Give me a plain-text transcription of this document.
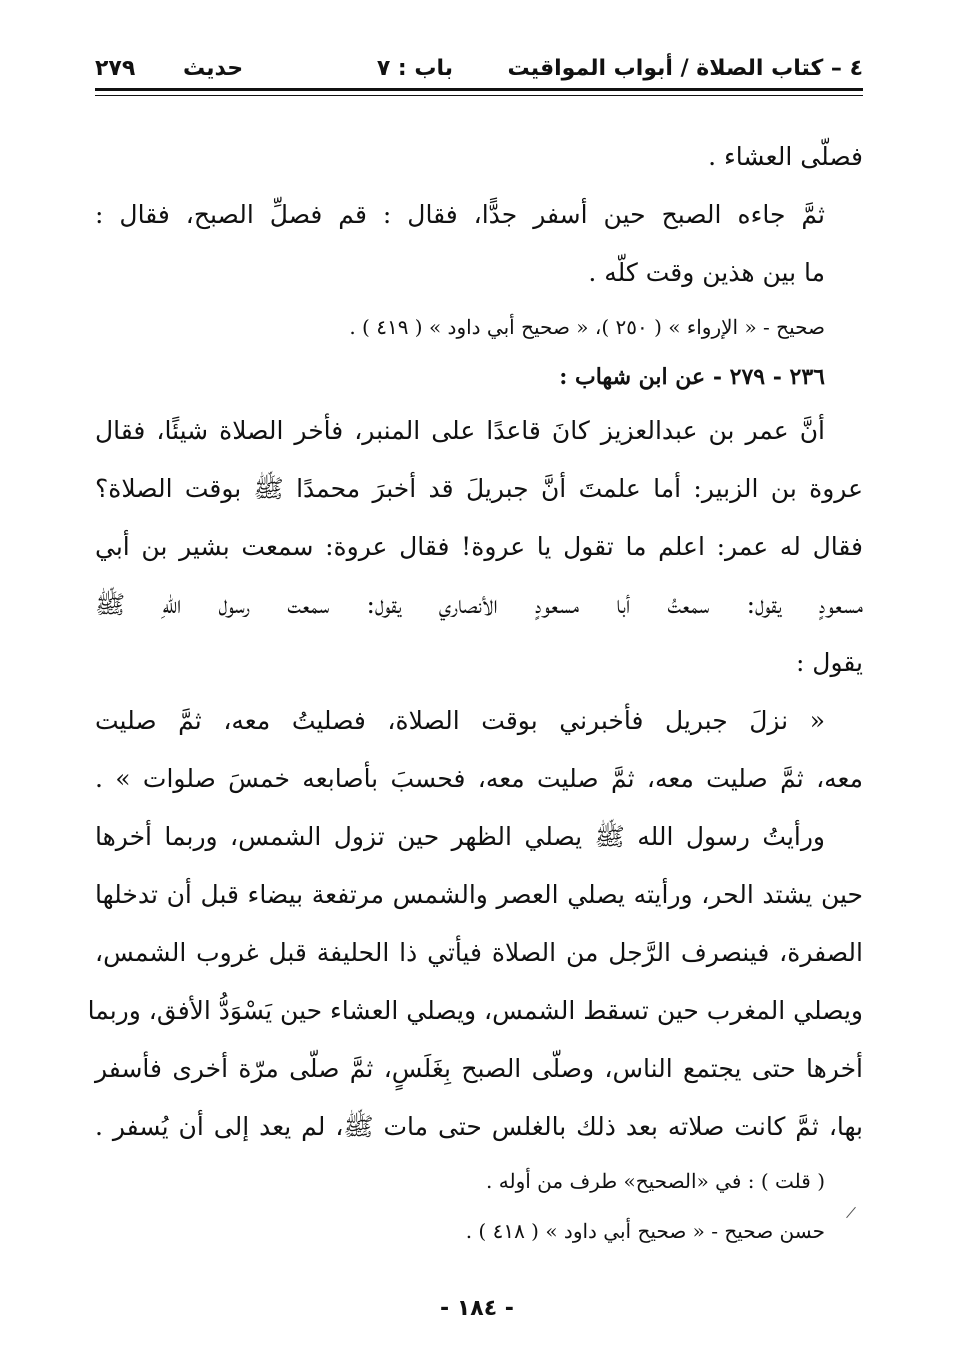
٤ – كتاب الصلاة / أبواب المواقيت
باب : ٧
حديث
٢٧٩
فصلّى العشاء .
ثمَّ جاءه الصبح حين أسفر جدًّا، فقال : قم فصلِّ الصبح، فقال :
ما بين هذين وقت كلّه .
صحيح - « الإرواء » ( ٢٥٠ )، « صحيح أبي داود » ( ٤١٩ ) .
٢٣٦ - ٢٧٩ - عن ابن شهاب :
أنَّ عمر بن عبدالعزيز كانَ قاعدًا على المنبر، فأخر الصلاة شيئًا، فقال
عروة بن الزبير: أما علمتَ أنَّ جبريلَ قد أخبرَ محمدًا ﷺ بوقت الصلاة؟
فقال له عمر: اعلم ما تقول يا عروة! فقال عروة: سمعت بشير بن أبي
مسعودٍ يقول: سمعتُ أبا مسعودٍ الأنصاري يقول: سمعت رسول اللهِ ﷺ
يقول :
« نزلَ جبريل فأخبرني بوقت الصلاة، فصليتُ معه، ثمَّ صليت
معه، ثمَّ صليت معه، ثمَّ صليت معه، فحسبَ بأصابعه خمسَ صلوات » .
ورأيتُ رسول الله ﷺ يصلي الظهر حين تزول الشمس، وربما أخرها
حين يشتد الحر، ورأيته يصلي العصر والشمس مرتفعة بيضاء قبل أن تدخلها
الصفرة، فينصرف الرَّجل من الصلاة فيأتي ذا الحليفة قبل غروب الشمس،
ويصلي المغرب حين تسقط الشمس، ويصلي العشاء حين يَسْوَدُّ الأفق، وربما
أخرها حتى يجتمع الناس، وصلّى الصبح بِغَلَسٍ، ثمَّ صلّى مرّة أخرى فأسفر
بها، ثمَّ كانت صلاته بعد ذلك بالغلس حتى مات ﷺ، لم يعد إلى أن يُسفر .
( قلت ) : في «الصحيح» طرف من أوله .
حسن صحيح - « صحيح أبي داود » ( ٤١٨ ) .
- ١٨٤ -
